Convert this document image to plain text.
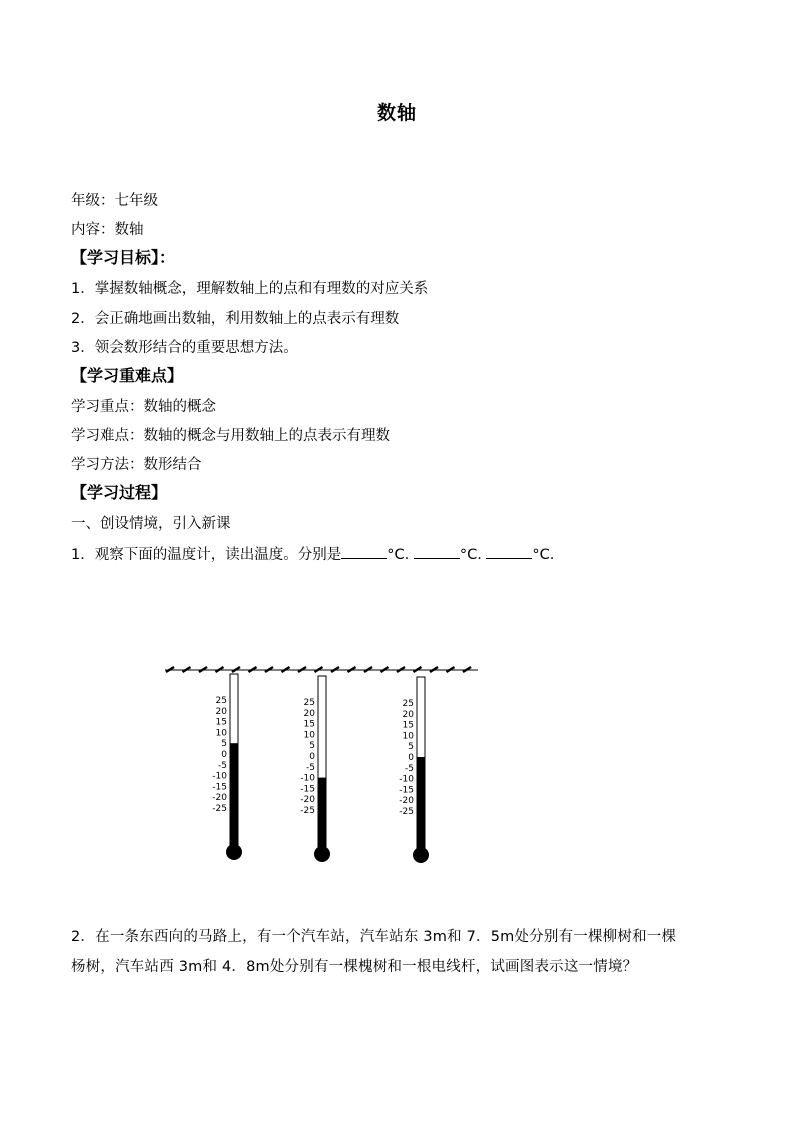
数轴
年级：七年级
内容：数轴
【学习目标】：
1．掌握数轴概念，理解数轴上的点和有理数的对应关系
2．会正确地画出数轴，利用数轴上的点表示有理数
3．领会数形结合的重要思想方法。
【学习重难点】
学习重点：数轴的概念
学习难点：数轴的概念与用数轴上的点表示有理数
学习方法：数形结合
【学习过程】
一、创设情境，引入新课
1．观察下面的温度计，读出温度。分别是	°C.	°C.	°C.
25
20
15
10
5
0
-5
-10
-15
-20
-25
25
20
15
10
5
0
-5
-10
-15
-20
-25
25
20
15
10
5
0
-5
-10
-15
-20
-25
2．在一条东西向的马路上，有一个汽车站，汽车站东 3m和 7．5m处分别有一棵柳树和一棵杨树，汽车站西 3m和 4．8m处分别有一棵槐树和一根电线杆，试画图表示这一情境？
